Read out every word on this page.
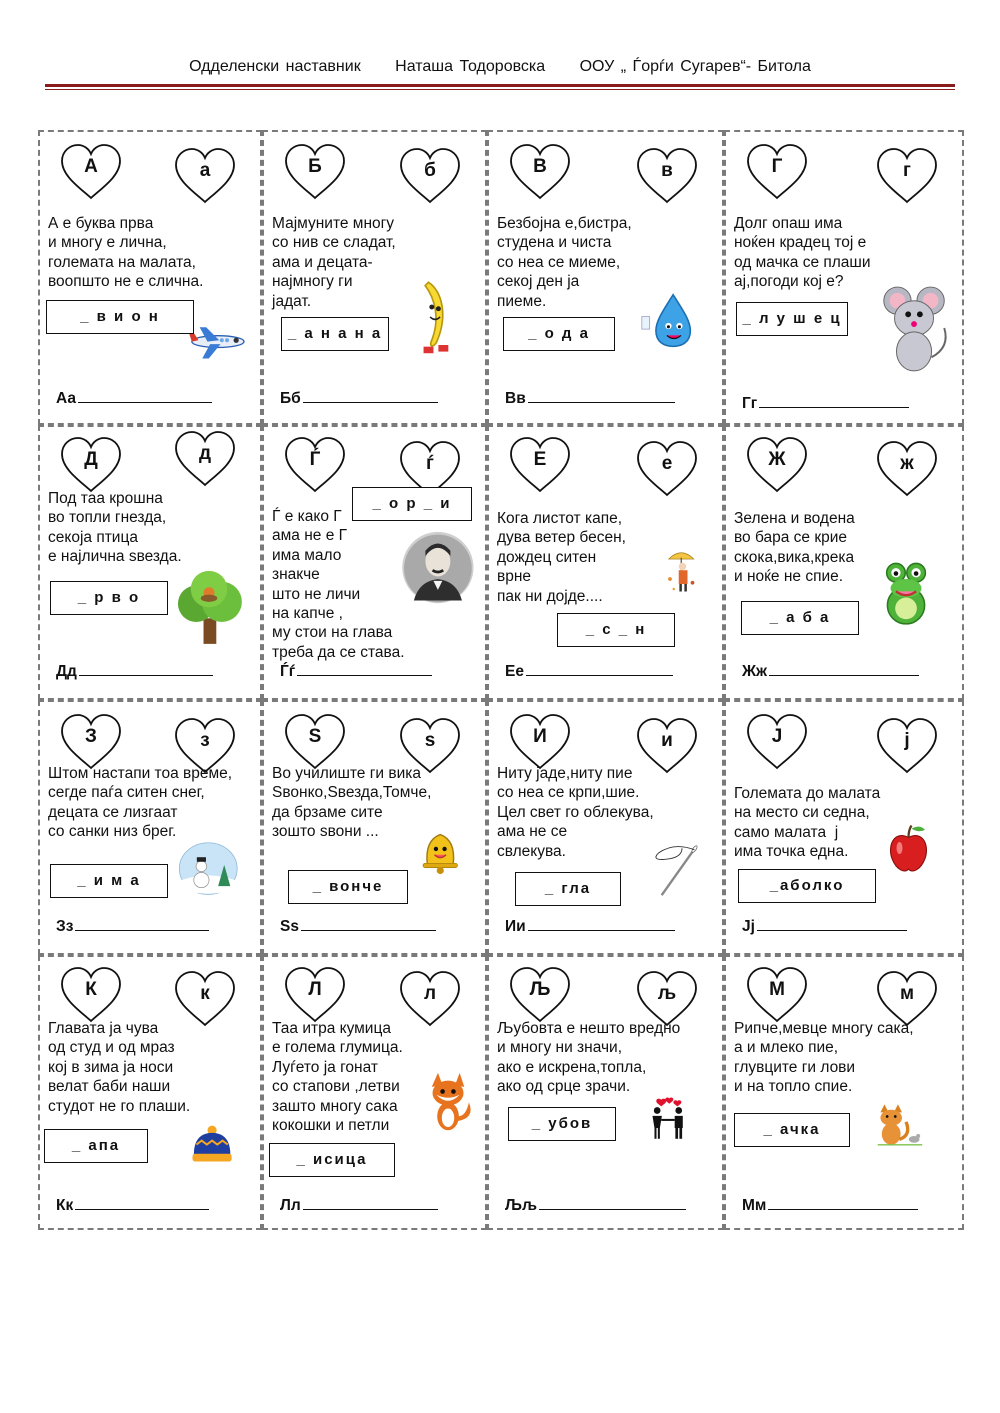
Одделенски наставник Наташа Тодоровска ООУ „ Ѓорѓи Сугарев“- Битола
А	а
А е буква прва
и многу е лична,
големата на малата,
воопшто не е слична.
_ в и о н
Аа
Б	б
Мајмуните многу
со нив се сладат,
ама и децата-
најмногу ги
јадат.
_ а н а н а
Бб
В	в
Безбојна е,бистра,
студена и чиста
со неа се миеме,
секој ден ја
пиеме.
_ о д а
Вв
Г	г
Долг опаш има
ноќен крадец тој е
од мачка се плаши
ај,погоди кој е?
_ л у ш е ц
Гг
Д	д
Под таа крошна
во топли гнезда,
секоја птица
е најлична ѕвезда.
_ р в о
Дд
Ѓ	ѓ
Ѓ е како Г
ама не е Г
има мало
знакче
што не личи
на капче ,
му стои на глава
треба да се става.
_ о р _ и
Ѓѓ
Е	е
Кога листот капе,
дува ветер бесен,
дождец ситен
врне
пак ни дојде....
_ с _ н
Ее
Ж	ж
Зелена и водена
во бара се крие
скока,вика,крека
и ноќе не спие.
_ а б а
Жж
З	з
Штом настапи тоа време,
сегде паѓа ситен снег,
децата се лизгаат
со санки низ брег.
_ и м а
Зз
S	s
Во училиште ги вика
Ѕвонко,Ѕвезда,Томче,
да брзаме сите
зошто ѕвони ...
_ вонче
Ss
И	и
Ниту јаде,ниту пие
со неа се крпи,шие.
Цел свет го облекува,
ама не се
свлекува.
_ гла
Ии
J	j
Големата до малата
на место си седна,
само малата  j
има точка една.
_аболко
Jj
К	к
Главата ја чува
од студ и од мраз
кој в зима ја носи
велат баби наши
студот не го плаши.
_ апа
Кк
Л	л
Таа итра кумица
е голема глумица.
Луѓето ја гонат
со стапови ,летви
зашто многу сака
кокошки и петли
_ исица
Лл
Љ	љ
Љубовта е нешто вредно
и многу ни значи,
ако е искрена,топла,
ако од срце зрачи.
_ убов
Љљ
М	м
Рипче,мевце многу сака,
а и млеко пие,
глувците ги лови
и на топло спие.
_ ачка
Мм
